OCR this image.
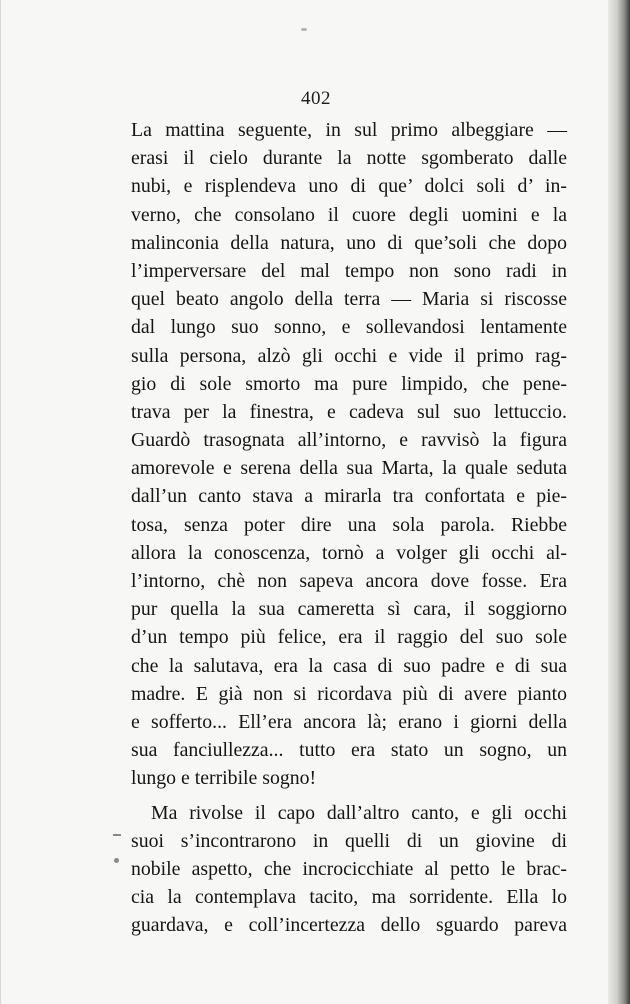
402
La mattina seguente, in sul primo albeggiare —
erasi il cielo durante la notte sgomberato dalle
nubi, e risplendeva uno di que’ dolci soli d’ in-
verno, che consolano il cuore degli uomini e la
malinconia della natura, uno di que’soli che dopo
l’imperversare del mal tempo non sono radi in
quel beato angolo della terra — Maria si riscosse
dal lungo suo sonno, e sollevandosi lentamente
sulla persona, alzò gli occhi e vide il primo rag-
gio di sole smorto ma pure limpido, che pene-
trava per la finestra, e cadeva sul suo lettuccio.
Guardò trasognata all’intorno, e ravvisò la figura
amorevole e serena della sua Marta, la quale seduta
dall’un canto stava a mirarla tra confortata e pie-
tosa, senza poter dire una sola parola. Riebbe
allora la conoscenza, tornò a volger gli occhi al-
l’intorno, chè non sapeva ancora dove fosse. Era
pur quella la sua cameretta sì cara, il soggiorno
d’un tempo più felice, era il raggio del suo sole
che la salutava, era la casa di suo padre e di sua
madre. E già non si ricordava più di avere pianto
e sofferto... Ell’era ancora là; erano i giorni della
sua fanciullezza... tutto era stato un sogno, un
lungo e terribile sogno!
Ma rivolse il capo dall’altro canto, e gli occhi
suoi s’incontrarono in quelli di un giovine di
nobile aspetto, che incrocicchiate al petto le brac-
cia la contemplava tacito, ma sorridente. Ella lo
guardava, e coll’incertezza dello sguardo pareva
